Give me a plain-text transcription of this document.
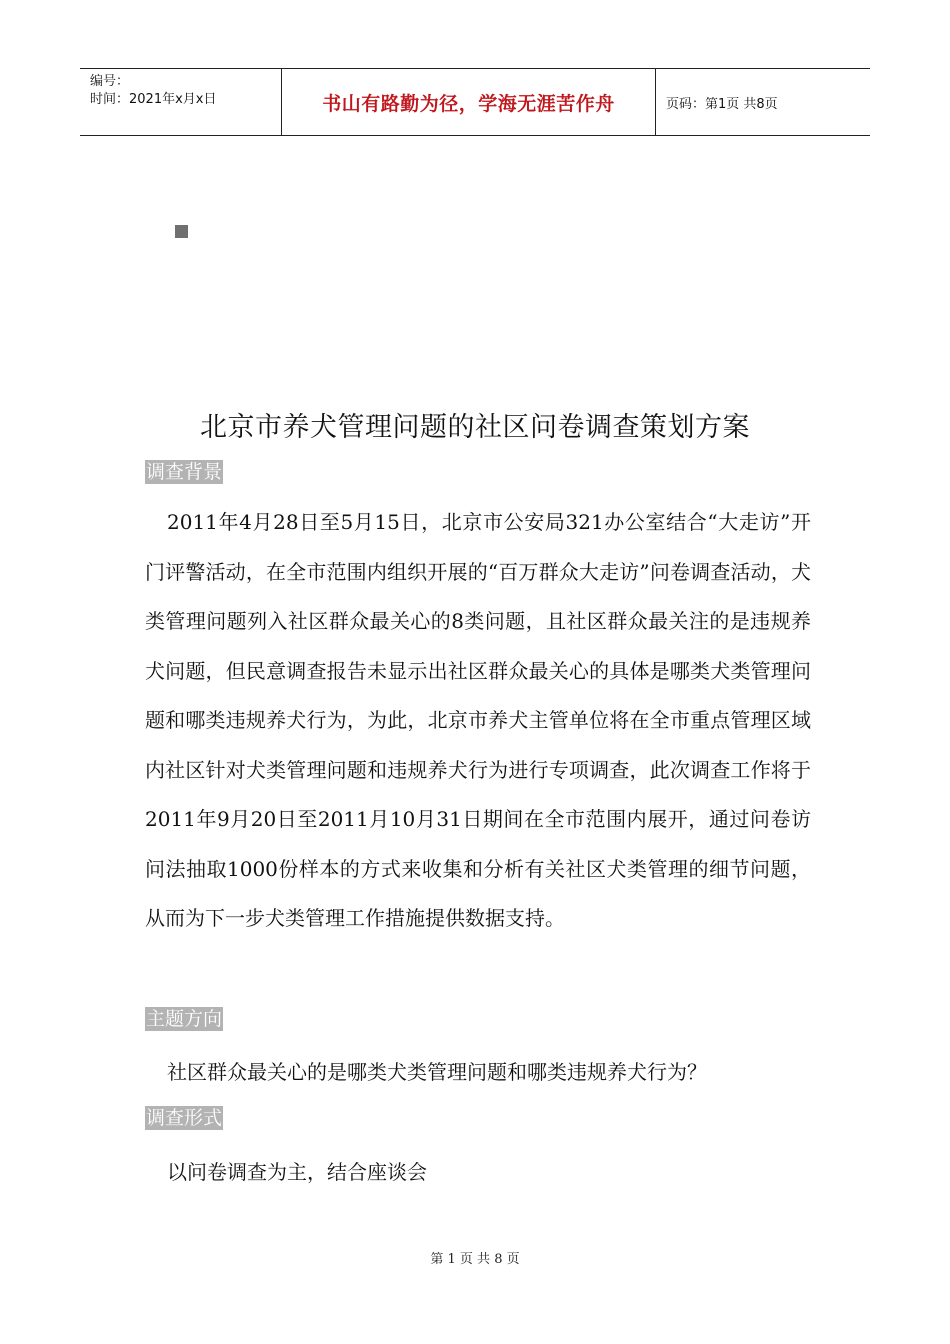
编号：
时间：2021年x月x日	书山有路勤为径，学海无涯苦作舟	页码：第1页 共8页
北京市养犬管理问题的社区问卷调查策划方案
调查背景

2011年4月28日至5月15日，北京市公安局321办公室结合“大走访”开门评警活动，在全市范围内组织开展的“百万群众大走访”问卷调查活动，犬类管理问题列入社区群众最关心的8类问题，且社区群众最关注的是违规养犬问题，但民意调查报告未显示出社区群众最关心的具体是哪类犬类管理问题和哪类违规养犬行为，为此，北京市养犬主管单位将在全市重点管理区域内社区针对犬类管理问题和违规养犬行为进行专项调查，此次调查工作将于2011年9月20日至2011月10月31日期间在全市范围内展开，通过问卷访问法抽取1000份样本的方式来收集和分析有关社区犬类管理的细节问题，从而为下一步犬类管理工作措施提供数据支持。

主题方向
社区群众最关心的是哪类犬类管理问题和哪类违规养犬行为？
调查形式
以问卷调查为主，结合座谈会
第 1 页 共 8 页
